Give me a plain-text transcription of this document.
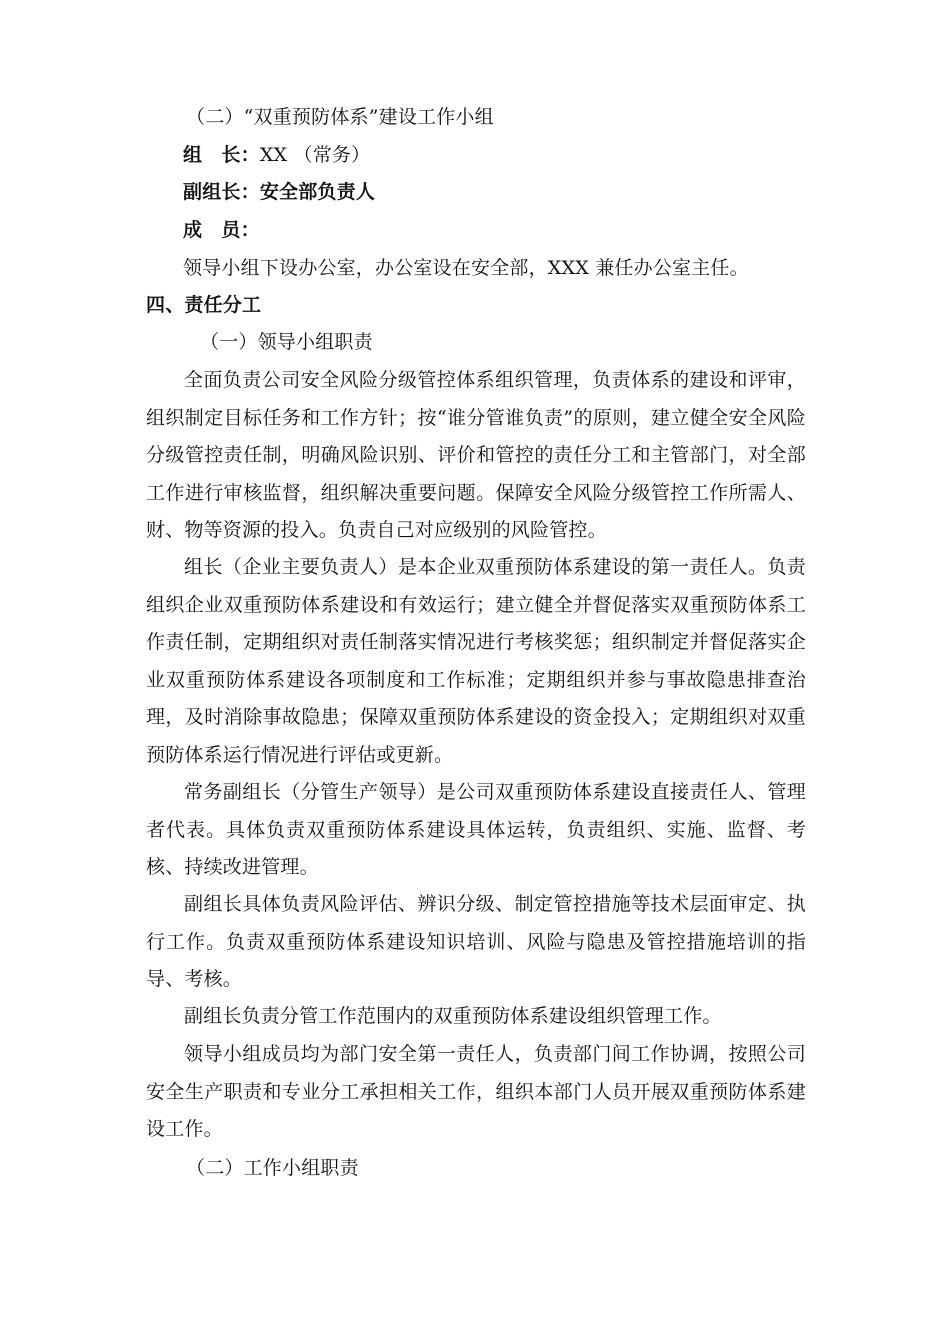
（二）“双重预防体系”建设工作小组
组　长：XX （常务）
副组长：安全部负责人
成　员：
领导小组下设办公室，办公室设在安全部，XXX 兼任办公室主任。
四、责任分工
（一）领导小组职责
全面负责公司安全风险分级管控体系组织管理，负责体系的建设和评审，组织制定目标任务和工作方针；按“谁分管谁负责”的原则，建立健全安全风险分级管控责任制，明确风险识别、评价和管控的责任分工和主管部门，对全部工作进行审核监督，组织解决重要问题。保障安全风险分级管控工作所需人、财、物等资源的投入。负责自己对应级别的风险管控。
组长（企业主要负责人）是本企业双重预防体系建设的第一责任人。负责组织企业双重预防体系建设和有效运行；建立健全并督促落实双重预防体系工作责任制，定期组织对责任制落实情况进行考核奖惩；组织制定并督促落实企业双重预防体系建设各项制度和工作标准；定期组织并参与事故隐患排查治理，及时消除事故隐患；保障双重预防体系建设的资金投入；定期组织对双重预防体系运行情况进行评估或更新。
常务副组长（分管生产领导）是公司双重预防体系建设直接责任人、管理者代表。具体负责双重预防体系建设具体运转，负责组织、实施、监督、考核、持续改进管理。
副组长具体负责风险评估、辨识分级、制定管控措施等技术层面审定、执行工作。负责双重预防体系建设知识培训、风险与隐患及管控措施培训的指导、考核。
副组长负责分管工作范围内的双重预防体系建设组织管理工作。
领导小组成员均为部门安全第一责任人，负责部门间工作协调，按照公司安全生产职责和专业分工承担相关工作，组织本部门人员开展双重预防体系建设工作。
（二）工作小组职责
